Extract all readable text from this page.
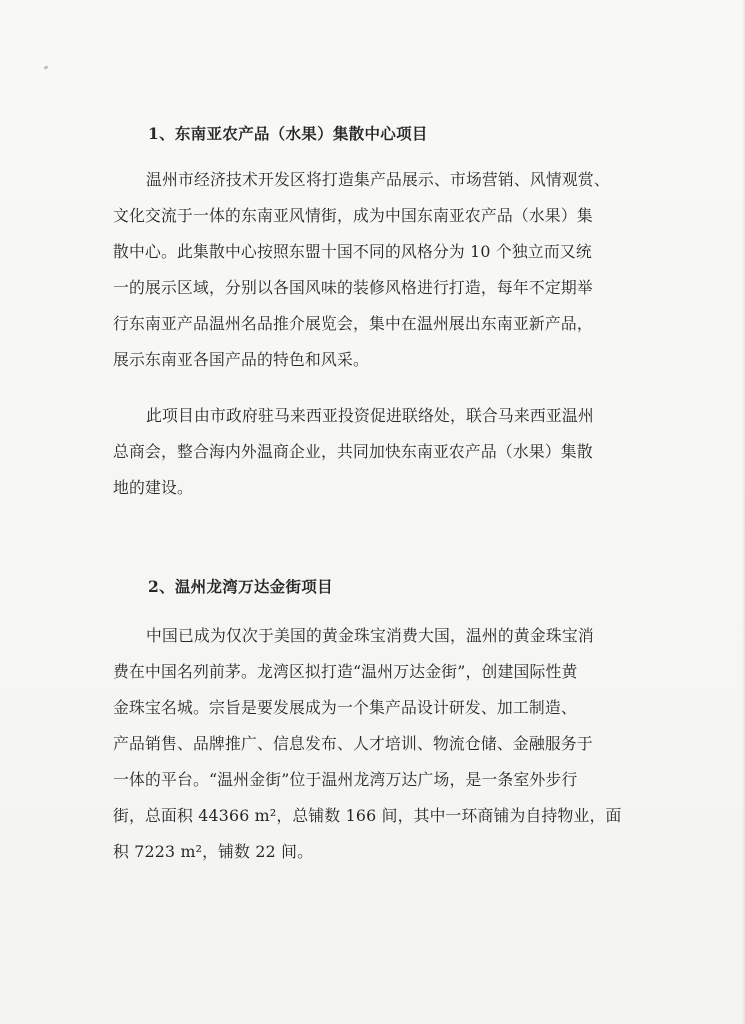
1、东南亚农产品（水果）集散中心项目
温州市经济技术开发区将打造集产品展示、市场营销、风情观赏、
文化交流于一体的东南亚风情街，成为中国东南亚农产品（水果）集
散中心。此集散中心按照东盟十国不同的风格分为 10 个独立而又统
一的展示区域，分别以各国风味的装修风格进行打造，每年不定期举
行东南亚产品温州名品推介展览会，集中在温州展出东南亚新产品，
展示东南亚各国产品的特色和风采。
此项目由市政府驻马来西亚投资促进联络处，联合马来西亚温州
总商会，整合海内外温商企业，共同加快东南亚农产品（水果）集散
地的建设。
2、温州龙湾万达金街项目
中国已成为仅次于美国的黄金珠宝消费大国，温州的黄金珠宝消
费在中国名列前茅。龙湾区拟打造“温州万达金街”，创建国际性黄
金珠宝名城。宗旨是要发展成为一个集产品设计研发、加工制造、
产品销售、品牌推广、信息发布、人才培训、物流仓储、金融服务于
一体的平台。“温州金街”位于温州龙湾万达广场，是一条室外步行
街，总面积 44366 m²，总铺数 166 间，其中一环商铺为自持物业，面
积 7223 m²，铺数 22 间。
